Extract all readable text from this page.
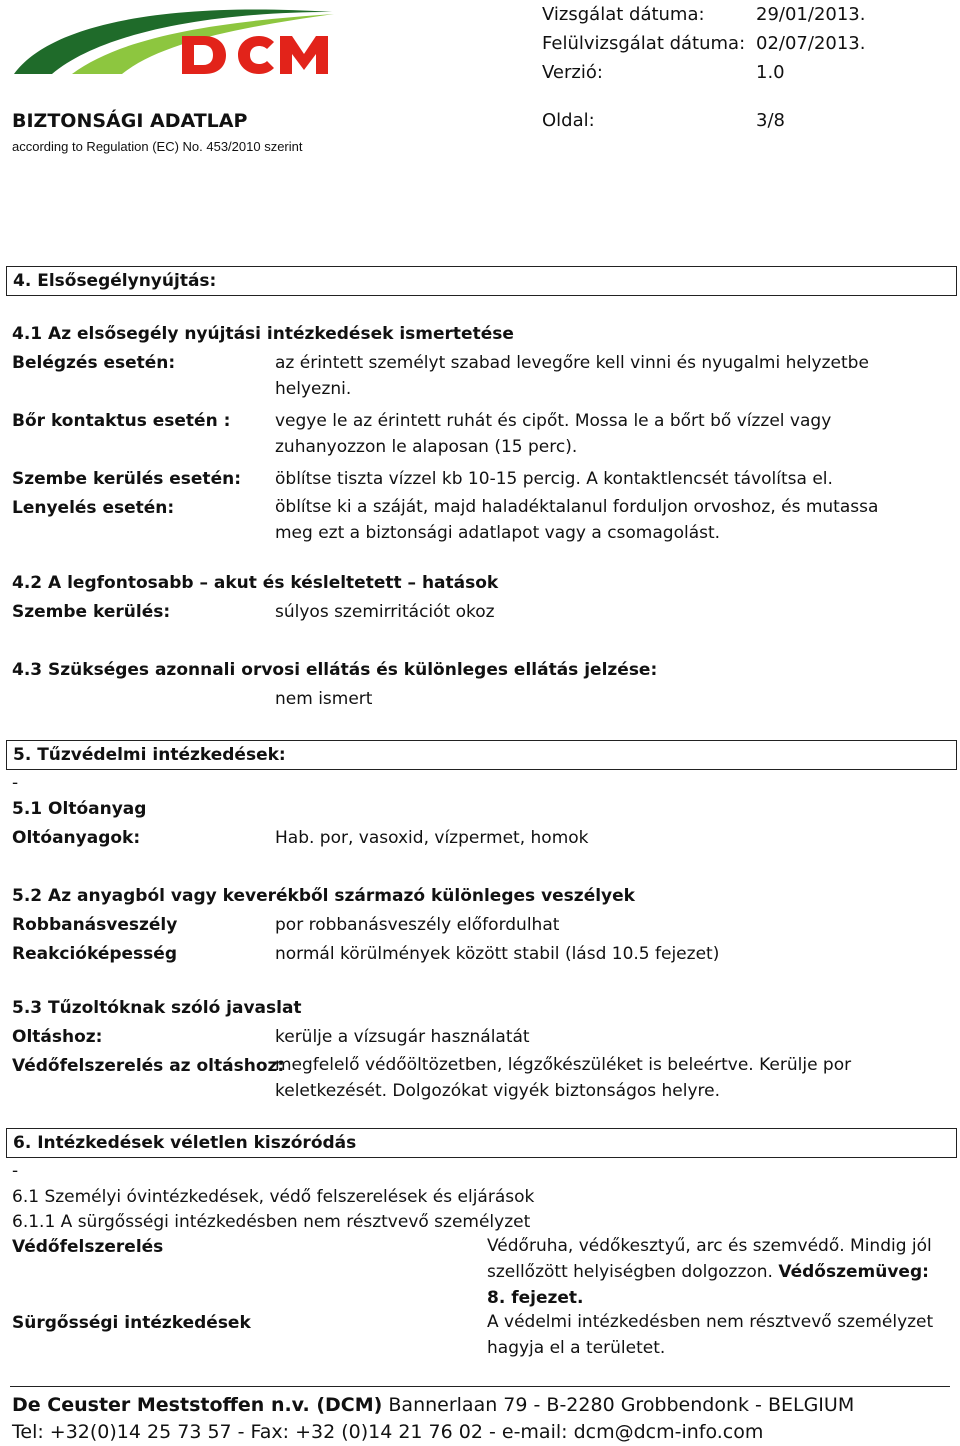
BIZTONSÁGI ADATLAP
according to Regulation (EC) No. 453/2010 szerint
Vizsgálat dátuma:	29/01/2013.
Felülvizsgálat dátuma: 02/07/2013.
Verzió:	1.0
Oldal:	3/8
4. Elsősegélynyújtás:
4.1 Az elsősegély nyújtási intézkedések ismertetése
Belégzés esetén:	az érintett személyt szabad levegőre kell vinni és nyugalmi helyzetbe helyezni.
Bőr kontaktus esetén :	vegye le az érintett ruhát és cipőt. Mossa le a bőrt bő vízzel vagy zuhanyozzon le alaposan (15 perc).
Szembe kerülés esetén: öblítse tiszta vízzel kb 10-15 percig. A kontaktlencsét távolítsa el.
Lenyelés esetén:	öblítse ki a száját, majd haladéktalanul forduljon orvoshoz, és mutassa meg ezt a biztonsági adatlapot vagy a csomagolást.
4.2 A legfontosabb – akut és késleltetett – hatások
Szembe kerülés:	súlyos szemirritációt okoz
4.3 Szükséges azonnali orvosi ellátás és különleges ellátás jelzése:
nem ismert
5. Tűzvédelmi intézkedések:
-
5.1 Oltóanyag
Oltóanyagok:	Hab. por, vasoxid, vízpermet, homok
5.2 Az anyagból vagy keverékből származó különleges veszélyek
Robbanásveszély	por robbanásveszély előfordulhat
Reakcióképesség	normál körülmények között stabil (lásd 10.5 fejezet)
5.3 Tűzoltóknak szóló javaslat
Oltáshoz:	kerülje a vízsugár használatát
Védőfelszerelés az oltáshoz:
megfelelő védőöltözetben, légzőkészüléket is beleértve. Kerülje por keletkezését. Dolgozókat vigyék biztonságos helyre.
6. Intézkedések véletlen kiszóródás
-
6.1 Személyi óvintézkedések, védő felszerelések és eljárások
6.1.1 A sürgősségi intézkedésben nem résztvevő személyzet
Védőfelszerelés	Védőruha, védőkesztyű, arc és szemvédő. Mindig jól szellőzött helyiségben dolgozzon. Védőszemüveg: 8. fejezet.
Sürgősségi intézkedések	A védelmi intézkedésben nem résztvevő személyzet hagyja el a területet.
De Ceuster Meststoffen n.v. (DCM) Bannerlaan 79 - B-2280 Grobbendonk - BELGIUM
Tel: +32(0)14 25 73 57 - Fax: +32 (0)14 21 76 02 - e-mail: dcm@dcm-info.com
